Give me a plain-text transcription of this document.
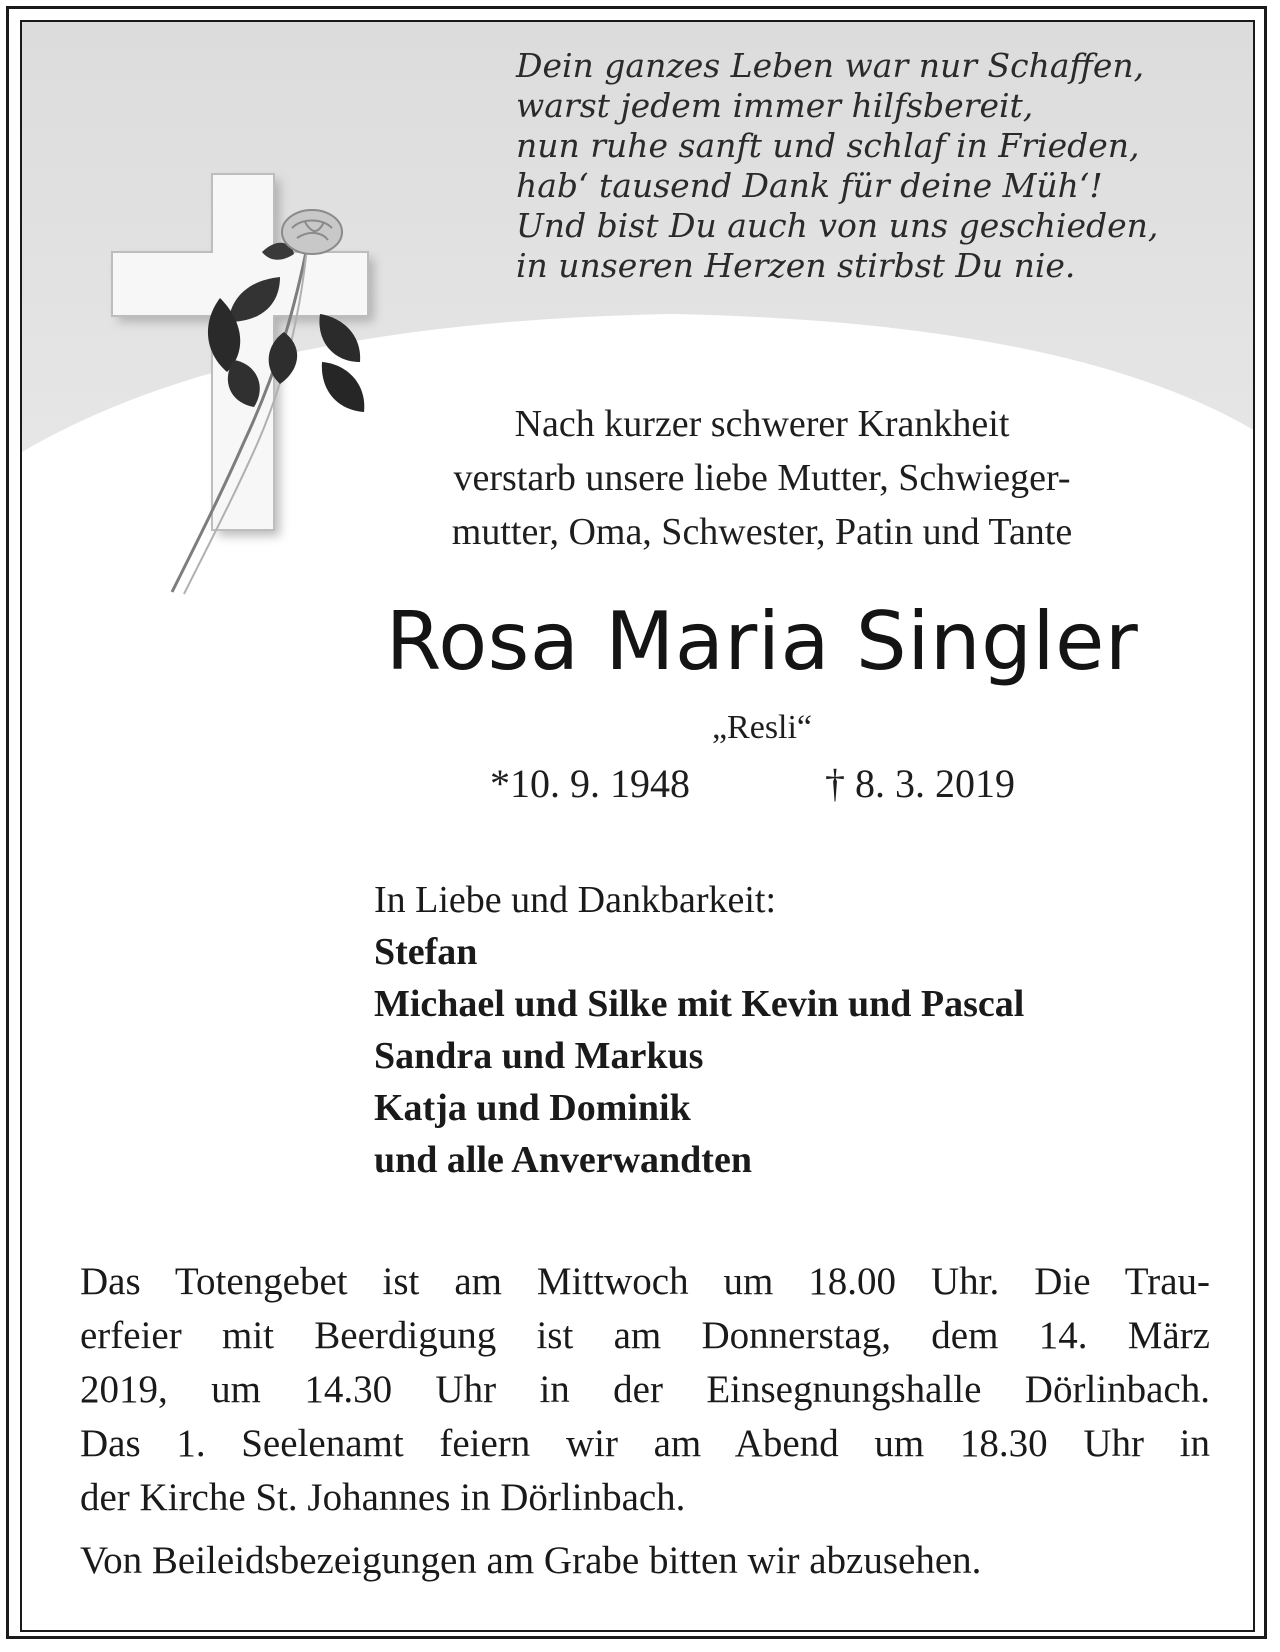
Dein ganzes Leben war nur Schaffen,
warst jedem immer hilfsbereit,
nun ruhe sanft und schlaf in Frieden,
hab‘ tausend Dank für deine Müh‘!
Und bist Du auch von uns geschieden,
in unseren Herzen stirbst Du nie.
Nach kurzer schwerer Krankheit
verstarb unsere liebe Mutter, Schwieger-
mutter, Oma, Schwester, Patin und Tante
Rosa Maria Singler
„Resli“
*10. 9. 1948	† 8. 3. 2019
In Liebe und Dankbarkeit:
Stefan
Michael und Silke mit Kevin und Pascal
Sandra und Markus
Katja und Dominik
und alle Anverwandten
Das Totengebet ist am Mittwoch um 18.00 Uhr. Die Trau-
erfeier mit Beerdigung ist am Donnerstag, dem 14. März
2019, um 14.30 Uhr in der Einsegnungshalle Dörlinbach.
Das 1. Seelenamt feiern wir am Abend um 18.30 Uhr in
der Kirche St. Johannes in Dörlinbach.
Von Beileidsbezeigungen am Grabe bitten wir abzusehen.
